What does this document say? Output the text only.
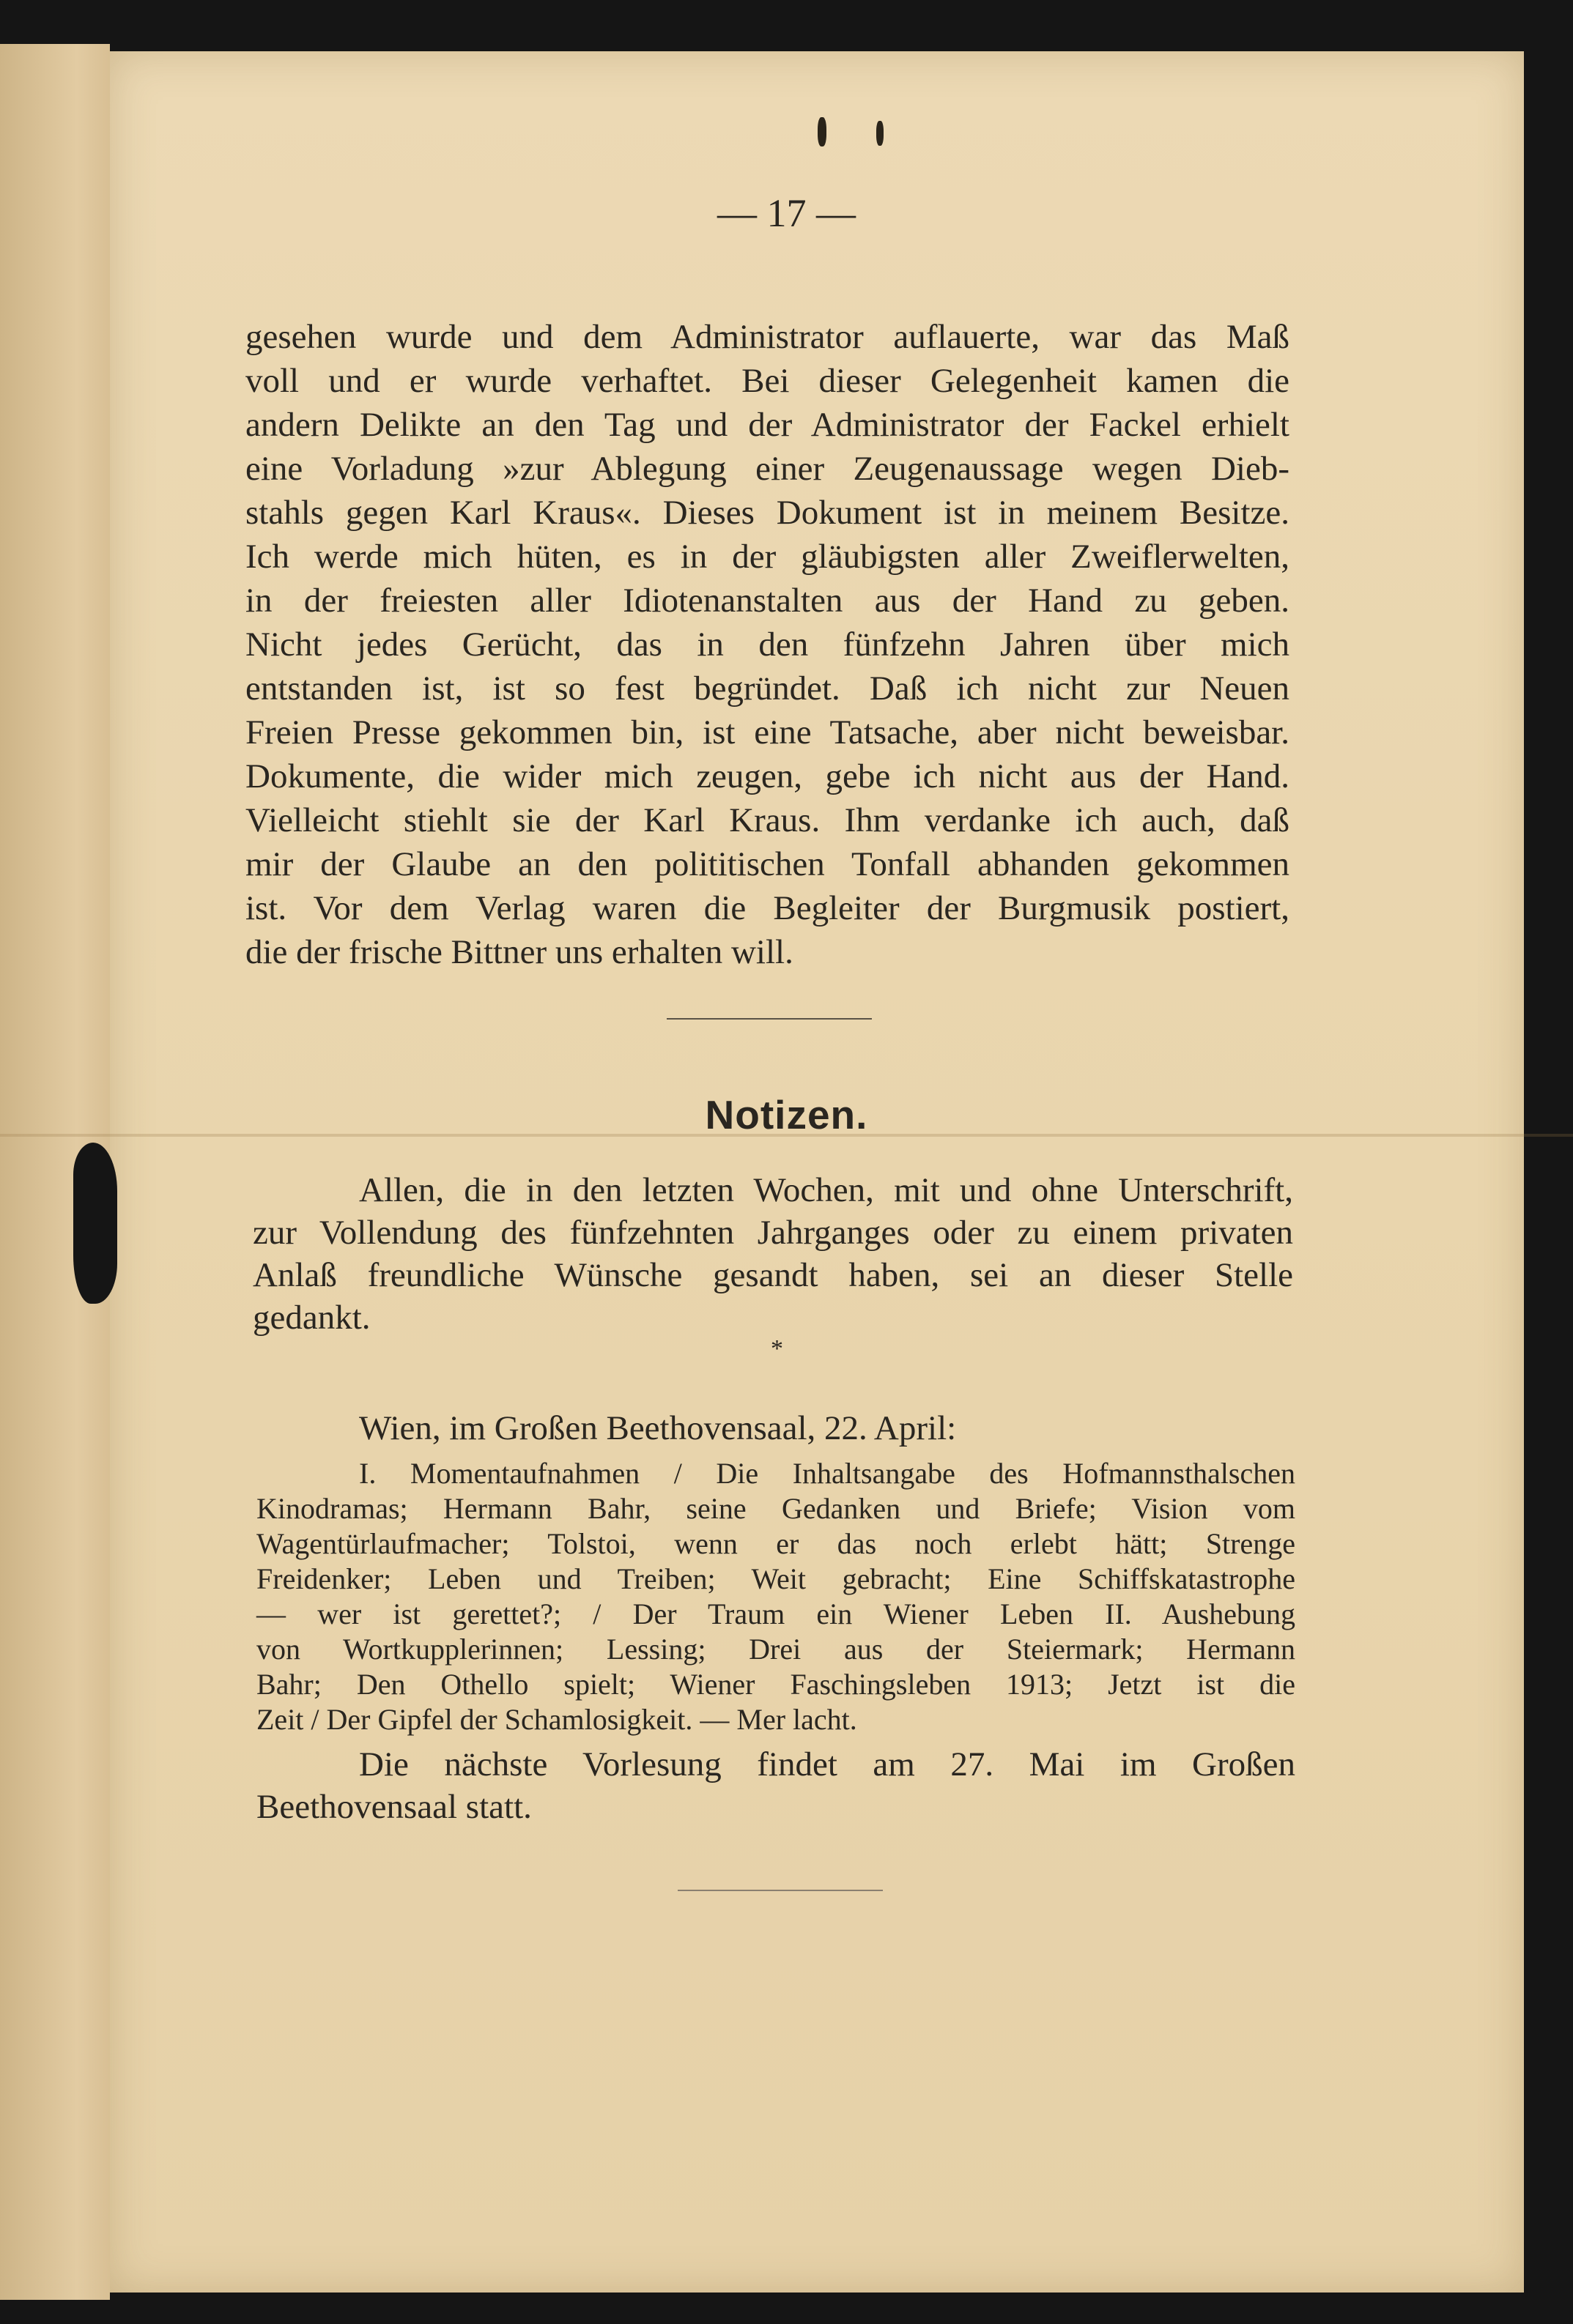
— 17 —
gesehen wurde und dem Administrator auflauerte, war das Maß
voll und er wurde verhaftet. Bei dieser Gelegenheit kamen die
andern Delikte an den Tag und der Administrator der Fackel erhielt
eine Vorladung »zur Ablegung einer Zeugenaussage wegen Dieb-
stahls gegen Karl Kraus«. Dieses Dokument ist in meinem Besitze.
Ich werde mich hüten, es in der gläubigsten aller Zweiflerwelten,
in der freiesten aller Idiotenanstalten aus der Hand zu geben.
Nicht jedes Gerücht, das in den fünfzehn Jahren über mich
entstanden ist, ist so fest begründet. Daß ich nicht zur Neuen
Freien Presse gekommen bin, ist eine Tatsache, aber nicht beweisbar.
Dokumente, die wider mich zeugen, gebe ich nicht aus der Hand.
Vielleicht stiehlt sie der Karl Kraus. Ihm verdanke ich auch, daß
mir der Glaube an den polititischen Tonfall abhanden gekommen
ist. Vor dem Verlag waren die Begleiter der Burgmusik postiert,
die der frische Bittner uns erhalten will.
Notizen.
Allen, die in den letzten Wochen, mit und ohne Unterschrift,
zur Vollendung des fünfzehnten Jahrganges oder zu einem privaten
Anlaß freundliche Wünsche gesandt haben, sei an dieser Stelle
gedankt.
*
Wien, im Großen Beethovensaal, 22. April:
I. Momentaufnahmen / Die Inhaltsangabe des Hofmannsthalschen
Kinodramas; Hermann Bahr, seine Gedanken und Briefe; Vision vom
Wagentürlaufmacher; Tolstoi, wenn er das noch erlebt hätt; Strenge
Freidenker; Leben und Treiben; Weit gebracht; Eine Schiffskatastrophe
— wer ist gerettet?; / Der Traum ein Wiener Leben II. Aushebung
von Wortkupplerinnen; Lessing; Drei aus der Steiermark; Hermann
Bahr; Den Othello spielt; Wiener Faschingsleben 1913; Jetzt ist die
Zeit / Der Gipfel der Schamlosigkeit. — Mer lacht.
Die nächste Vorlesung findet am 27. Mai im Großen
Beethovensaal statt.
